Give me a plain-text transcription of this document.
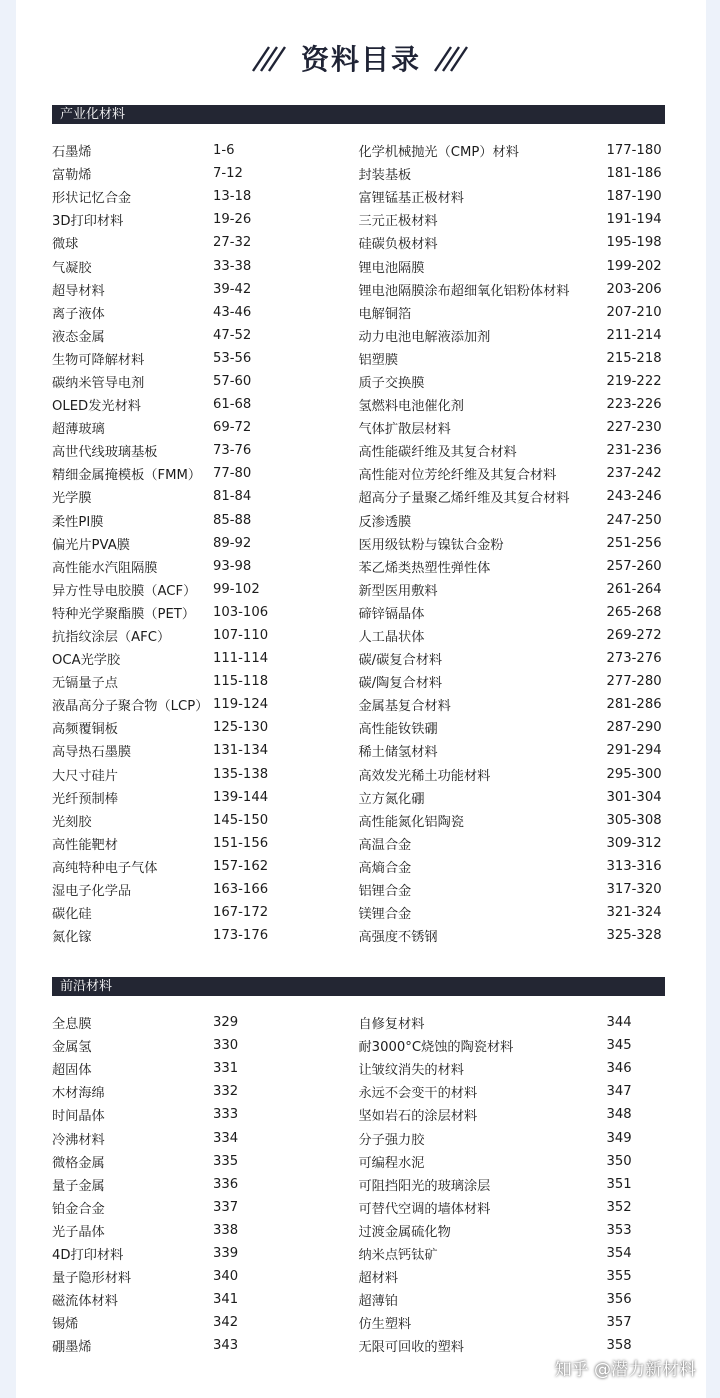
资料目录
产业化材料
石墨烯	1-6
富勒烯	7-12
形状记忆合金	13-18
3D打印材料	19-26
微球	27-32
气凝胶	33-38
超导材料	39-42
离子液体	43-46
液态金属	47-52
生物可降解材料	53-56
碳纳米管导电剂	57-60
OLED发光材料	61-68
超薄玻璃	69-72
高世代线玻璃基板	73-76
精细金属掩模板（FMM） 77-80
光学膜	81-84
柔性PI膜	85-88
偏光片PVA膜	89-92
高性能水汽阻隔膜	93-98
异方性导电胶膜（ACF）	99-102
特种光学聚酯膜（PET）	103-106
抗指纹涂层（AFC）	107-110
OCA光学胶	111-114
无镉量子点	115-118
液晶高分子聚合物（LCP） 119-124
高频覆铜板	125-130
高导热石墨膜	131-134
大尺寸硅片	135-138
光纤预制棒	139-144
光刻胶	145-150
高性能靶材	151-156
高纯特种电子气体	157-162
湿电子化学品	163-166
碳化硅	167-172
氮化镓	173-176
化学机械抛光（CMP）材料	177-180
封装基板	181-186
富锂锰基正极材料	187-190
三元正极材料	191-194
硅碳负极材料	195-198
锂电池隔膜	199-202
锂电池隔膜涂布超细氧化铝粉体材料	203-206
电解铜箔	207-210
动力电池电解液添加剂	211-214
铝塑膜	215-218
质子交换膜	219-222
氢燃料电池催化剂	223-226
气体扩散层材料	227-230
高性能碳纤维及其复合材料	231-236
高性能对位芳纶纤维及其复合材料	237-242
超高分子量聚乙烯纤维及其复合材料	243-246
反渗透膜	247-250
医用级钛粉与镍钛合金粉	251-256
苯乙烯类热塑性弹性体	257-260
新型医用敷料	261-264
碲锌镉晶体	265-268
人工晶状体	269-272
碳/碳复合材料	273-276
碳/陶复合材料	277-280
金属基复合材料	281-286
高性能钕铁硼	287-290
稀土储氢材料	291-294
高效发光稀土功能材料	295-300
立方氮化硼	301-304
高性能氮化铝陶瓷	305-308
高温合金	309-312
高熵合金	313-316
铝锂合金	317-320
镁锂合金	321-324
高强度不锈钢	325-328
前沿材料
全息膜	329
金属氢	330
超固体	331
木材海绵	332
时间晶体	333
冷沸材料	334
微格金属	335
量子金属	336
铂金合金	337
光子晶体	338
4D打印材料	339
量子隐形材料	340
磁流体材料	341
锡烯	342
硼墨烯	343
自修复材料	344
耐3000°C烧蚀的陶瓷材料	345
让皱纹消失的材料	346
永远不会变干的材料	347
坚如岩石的涂层材料	348
分子强力胶	349
可编程水泥	350
可阻挡阳光的玻璃涂层	351
可替代空调的墙体材料	352
过渡金属硫化物	353
纳米点钙钛矿	354
超材料	355
超薄铂	356
仿生塑料	357
无限可回收的塑料	358
知乎 @潜力新材料
